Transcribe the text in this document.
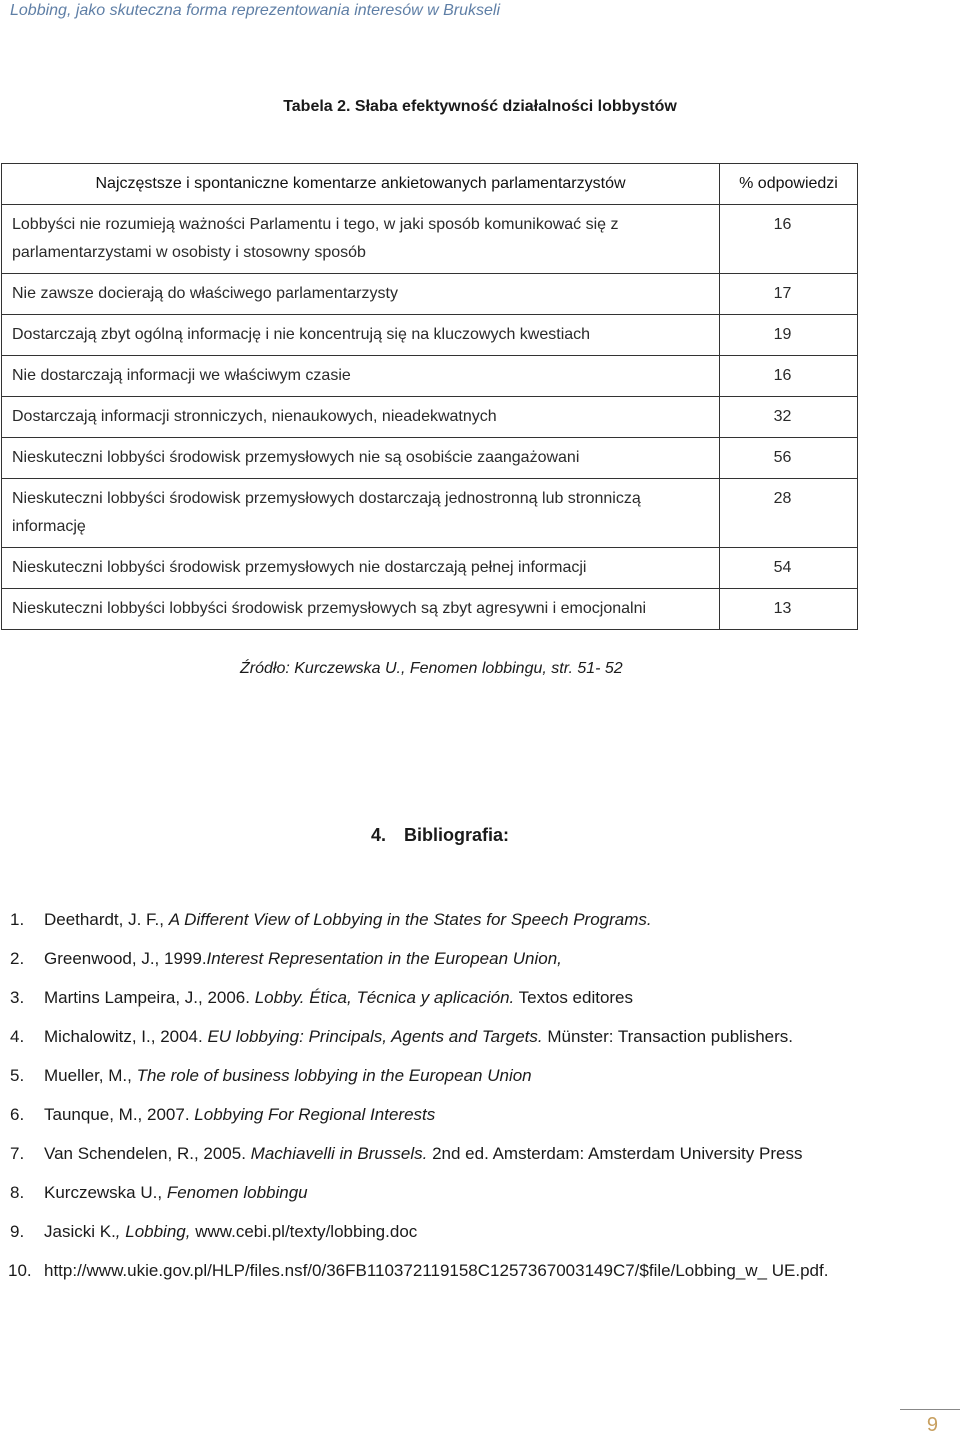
Lobbing, jako skuteczna forma reprezentowania interesów w Brukseli
Tabela 2. Słaba efektywność działalności lobbystów
Najczęstsze i spontaniczne komentarze ankietowanych parlamentarzystów	% odpowiedzi
Lobbyści nie rozumieją ważności Parlamentu i tego, w jaki sposób komunikować się z parlamentarzystami w osobisty i stosowny sposób	16
Nie zawsze docierają do właściwego parlamentarzysty	17
Dostarczają zbyt ogólną informację i nie koncentrują się na kluczowych kwestiach	19
Nie dostarczają informacji we właściwym czasie	16
Dostarczają informacji stronniczych, nienaukowych, nieadekwatnych	32
Nieskuteczni lobbyści środowisk przemysłowych nie są osobiście zaangażowani	56
Nieskuteczni lobbyści środowisk przemysłowych dostarczają jednostronną lub stronniczą informację	28
Nieskuteczni lobbyści środowisk przemysłowych nie dostarczają pełnej informacji	54
Nieskuteczni lobbyści lobbyści środowisk przemysłowych są zbyt agresywni i emocjonalni	13
Źródło: Kurczewska U., Fenomen lobbingu, str. 51- 52
4. Bibliografia:
1. Deethardt, J. F., A Different View of Lobbying in the States for Speech Programs.
2. Greenwood, J., 1999.Interest Representation in the European Union,
3. Martins Lampeira, J., 2006. Lobby. Ética, Técnica y aplicación. Textos editores
4. Michalowitz, I., 2004. EU lobbying: Principals, Agents and Targets. Münster: Transaction publishers.
5. Mueller, M., The role of business lobbying in the European Union
6. Taunque, M., 2007. Lobbying For Regional Interests
7. Van Schendelen, R., 2005. Machiavelli in Brussels. 2nd ed. Amsterdam: Amsterdam University Press
8. Kurczewska U., Fenomen lobbingu
9. Jasicki K., Lobbing, www.cebi.pl/texty/lobbing.doc
10. http://www.ukie.gov.pl/HLP/files.nsf/0/36FB110372119158C1257367003149C7/$file/Lobbing_w_ UE.pdf.
9
